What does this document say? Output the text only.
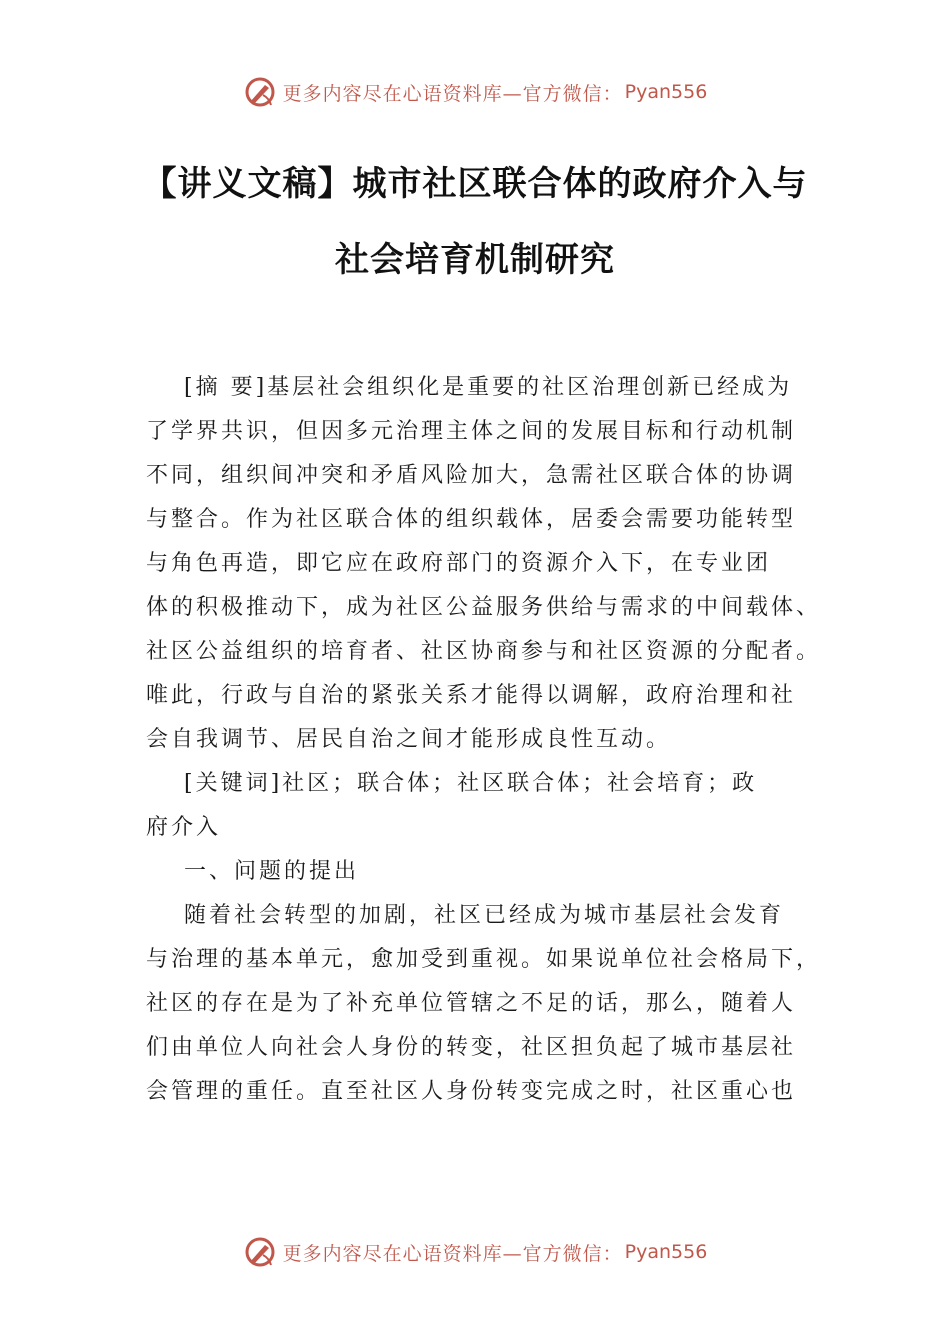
更多内容尽在心语资料库—官方微信： Pyan556
【讲义文稿】城市社区联合体的政府介入与
社会培育机制研究
[摘 要]基层社会组织化是重要的社区治理创新已经成为
了学界共识，但因多元治理主体之间的发展目标和行动机制
不同，组织间冲突和矛盾风险加大，急需社区联合体的协调
与整合。作为社区联合体的组织载体，居委会需要功能转型
与角色再造，即它应在政府部门的资源介入下，在专业团
体的积极推动下，成为社区公益服务供给与需求的中间载体、
社区公益组织的培育者、社区协商参与和社区资源的分配者。
唯此，行政与自治的紧张关系才能得以调解，政府治理和社
会自我调节、居民自治之间才能形成良性互动。
[关键词]社区；联合体；社区联合体；社会培育；政
府介入
一、问题的提出
随着社会转型的加剧，社区已经成为城市基层社会发育
与治理的基本单元，愈加受到重视。如果说单位社会格局下，
社区的存在是为了补充单位管辖之不足的话，那么，随着人
们由单位人向社会人身份的转变，社区担负起了城市基层社
会管理的重任。直至社区人身份转变完成之时，社区重心也
更多内容尽在心语资料库—官方微信： Pyan556
